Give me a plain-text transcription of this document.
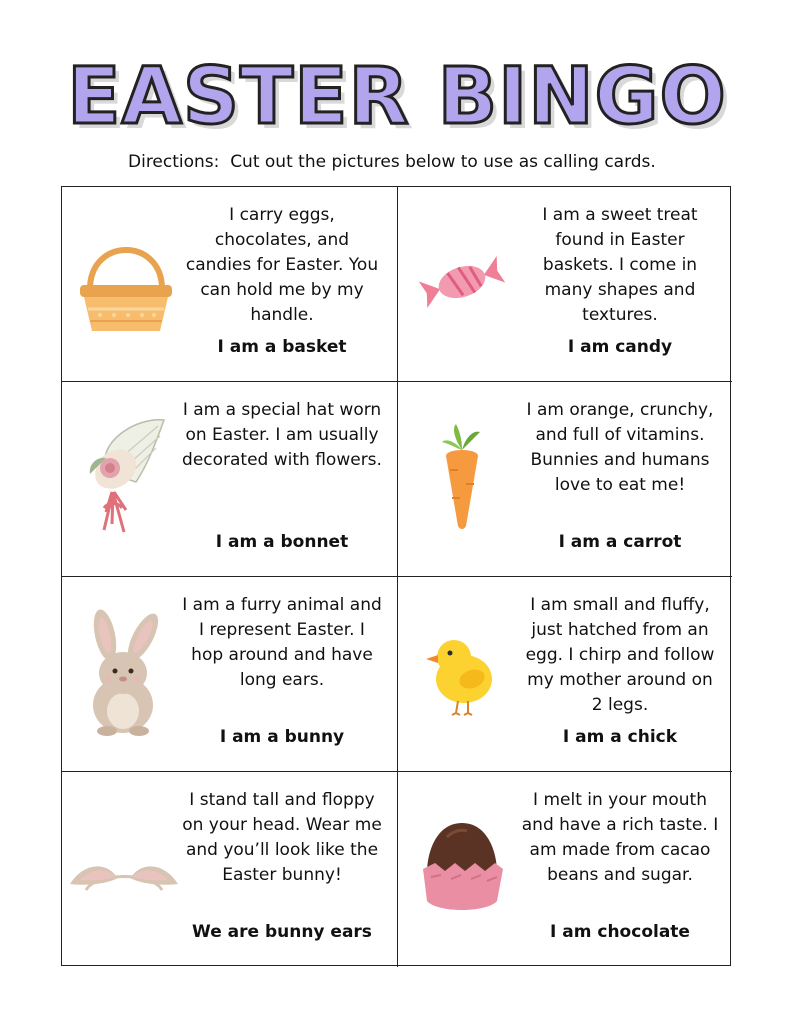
EASTER BINGO
Directions:  Cut out the pictures below to use as calling cards.
I carry eggs, chocolates, and candies for Easter. You can hold me by my handle.
I am a basket
I am a sweet treat found in Easter baskets. I come in many shapes and textures.
I am candy
I am a special hat worn on Easter. I am usually decorated with flowers.
I am a bonnet
I am orange, crunchy, and full of vitamins. Bunnies and humans love to eat me!
I am a carrot
I am a furry animal and I represent Easter. I hop around and have long ears.
I am a bunny
I am small and fluffy, just hatched from an egg. I chirp and follow my mother around on 2 legs.
I am a chick
I stand tall and floppy on your head. Wear me and you’ll look like the Easter bunny!
We are bunny ears
I melt in your mouth and have a rich taste. I am made from cacao beans and sugar.
I am chocolate
